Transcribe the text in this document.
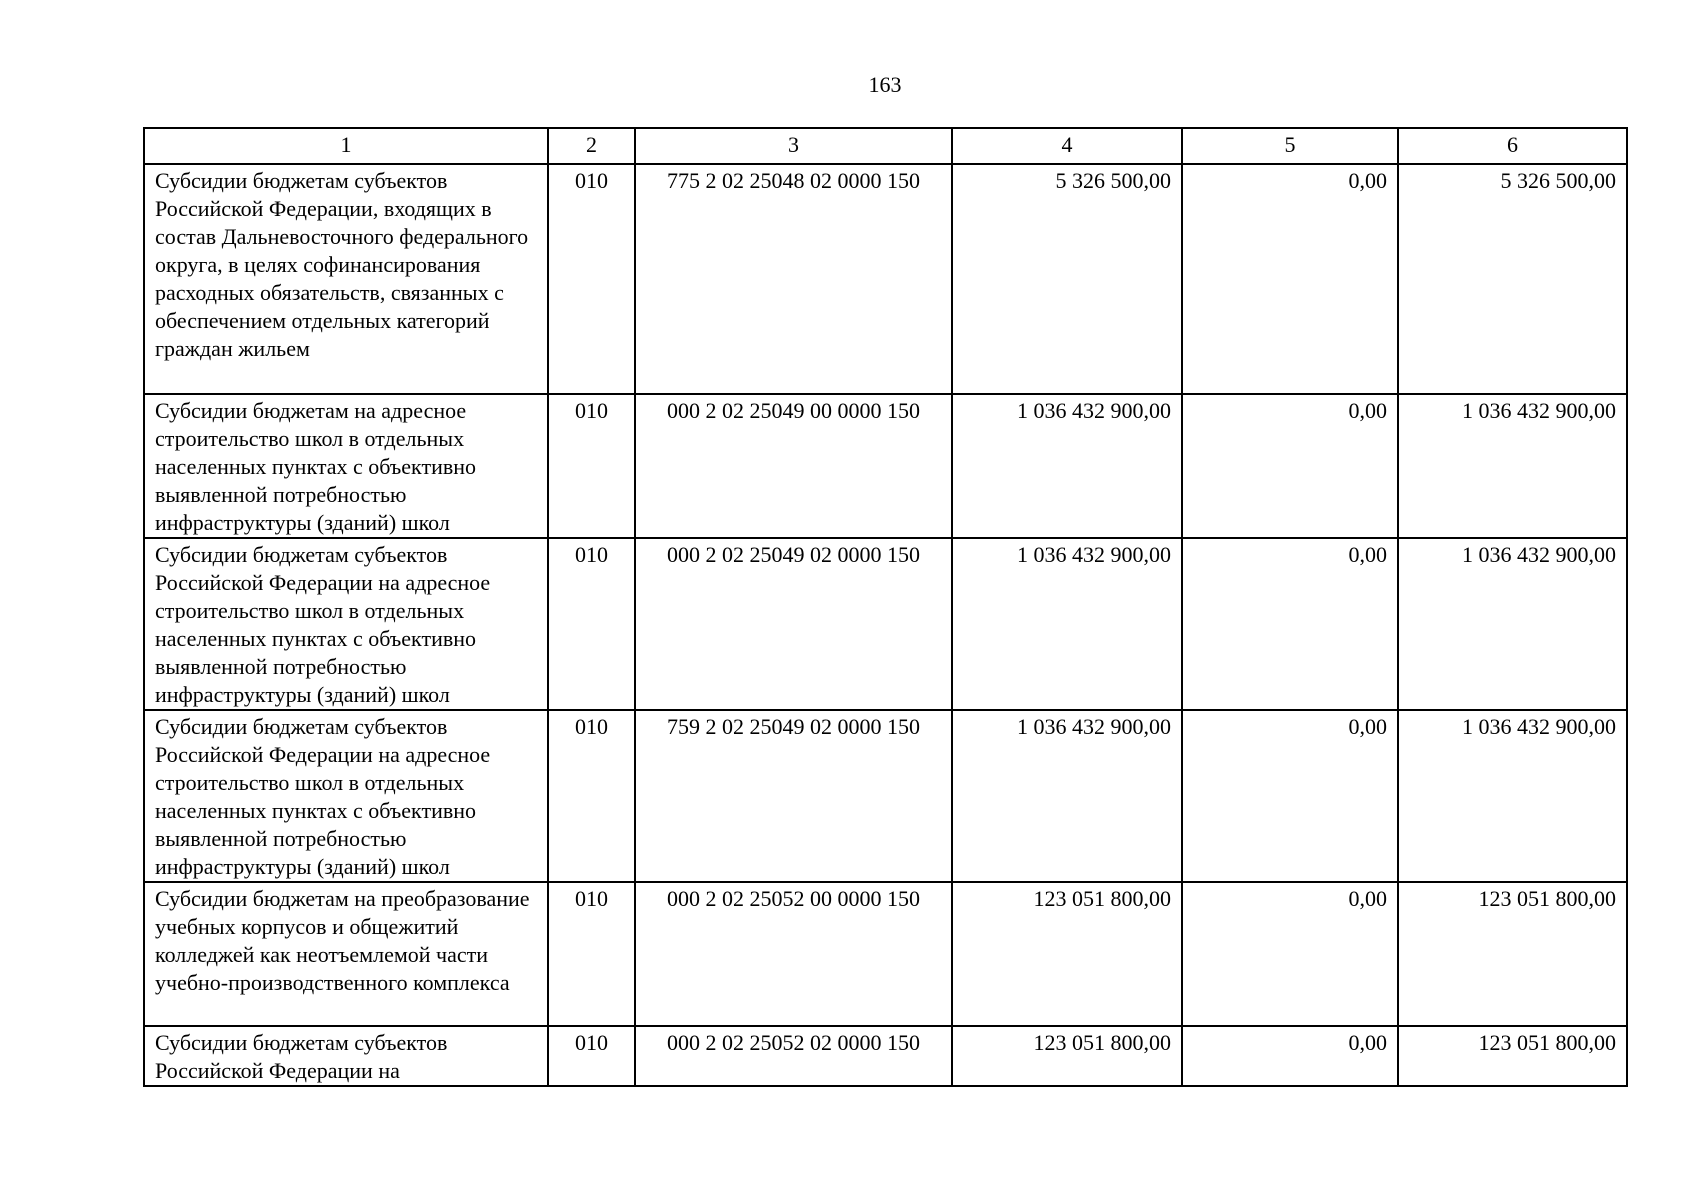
163
1	2	3	4	5	6
Субсидии бюджетам субъектов Российской Федерации, входящих в состав Дальневосточного федерального округа, в целях софинансирования расходных обязательств, связанных с обеспечением отдельных категорий граждан жильем	010	775 2 02 25048 02 0000 150	5 326 500,00	0,00	5 326 500,00
Субсидии бюджетам на адресное строительство школ в отдельных населенных пунктах с объективно выявленной потребностью инфраструктуры (зданий) школ	010	000 2 02 25049 00 0000 150	1 036 432 900,00	0,00	1 036 432 900,00
Субсидии бюджетам субъектов Российской Федерации на адресное строительство школ в отдельных населенных пунктах с объективно выявленной потребностью инфраструктуры (зданий) школ	010	000 2 02 25049 02 0000 150	1 036 432 900,00	0,00	1 036 432 900,00
Субсидии бюджетам субъектов Российской Федерации на адресное строительство школ в отдельных населенных пунктах с объективно выявленной потребностью инфраструктуры (зданий) школ	010	759 2 02 25049 02 0000 150	1 036 432 900,00	0,00	1 036 432 900,00
Субсидии бюджетам на преобразование учебных корпусов и общежитий колледжей как неотъемлемой части учебно-производственного комплекса	010	000 2 02 25052 00 0000 150	123 051 800,00	0,00	123 051 800,00
Субсидии бюджетам субъектов Российской Федерации на	010	000 2 02 25052 02 0000 150	123 051 800,00	0,00	123 051 800,00
